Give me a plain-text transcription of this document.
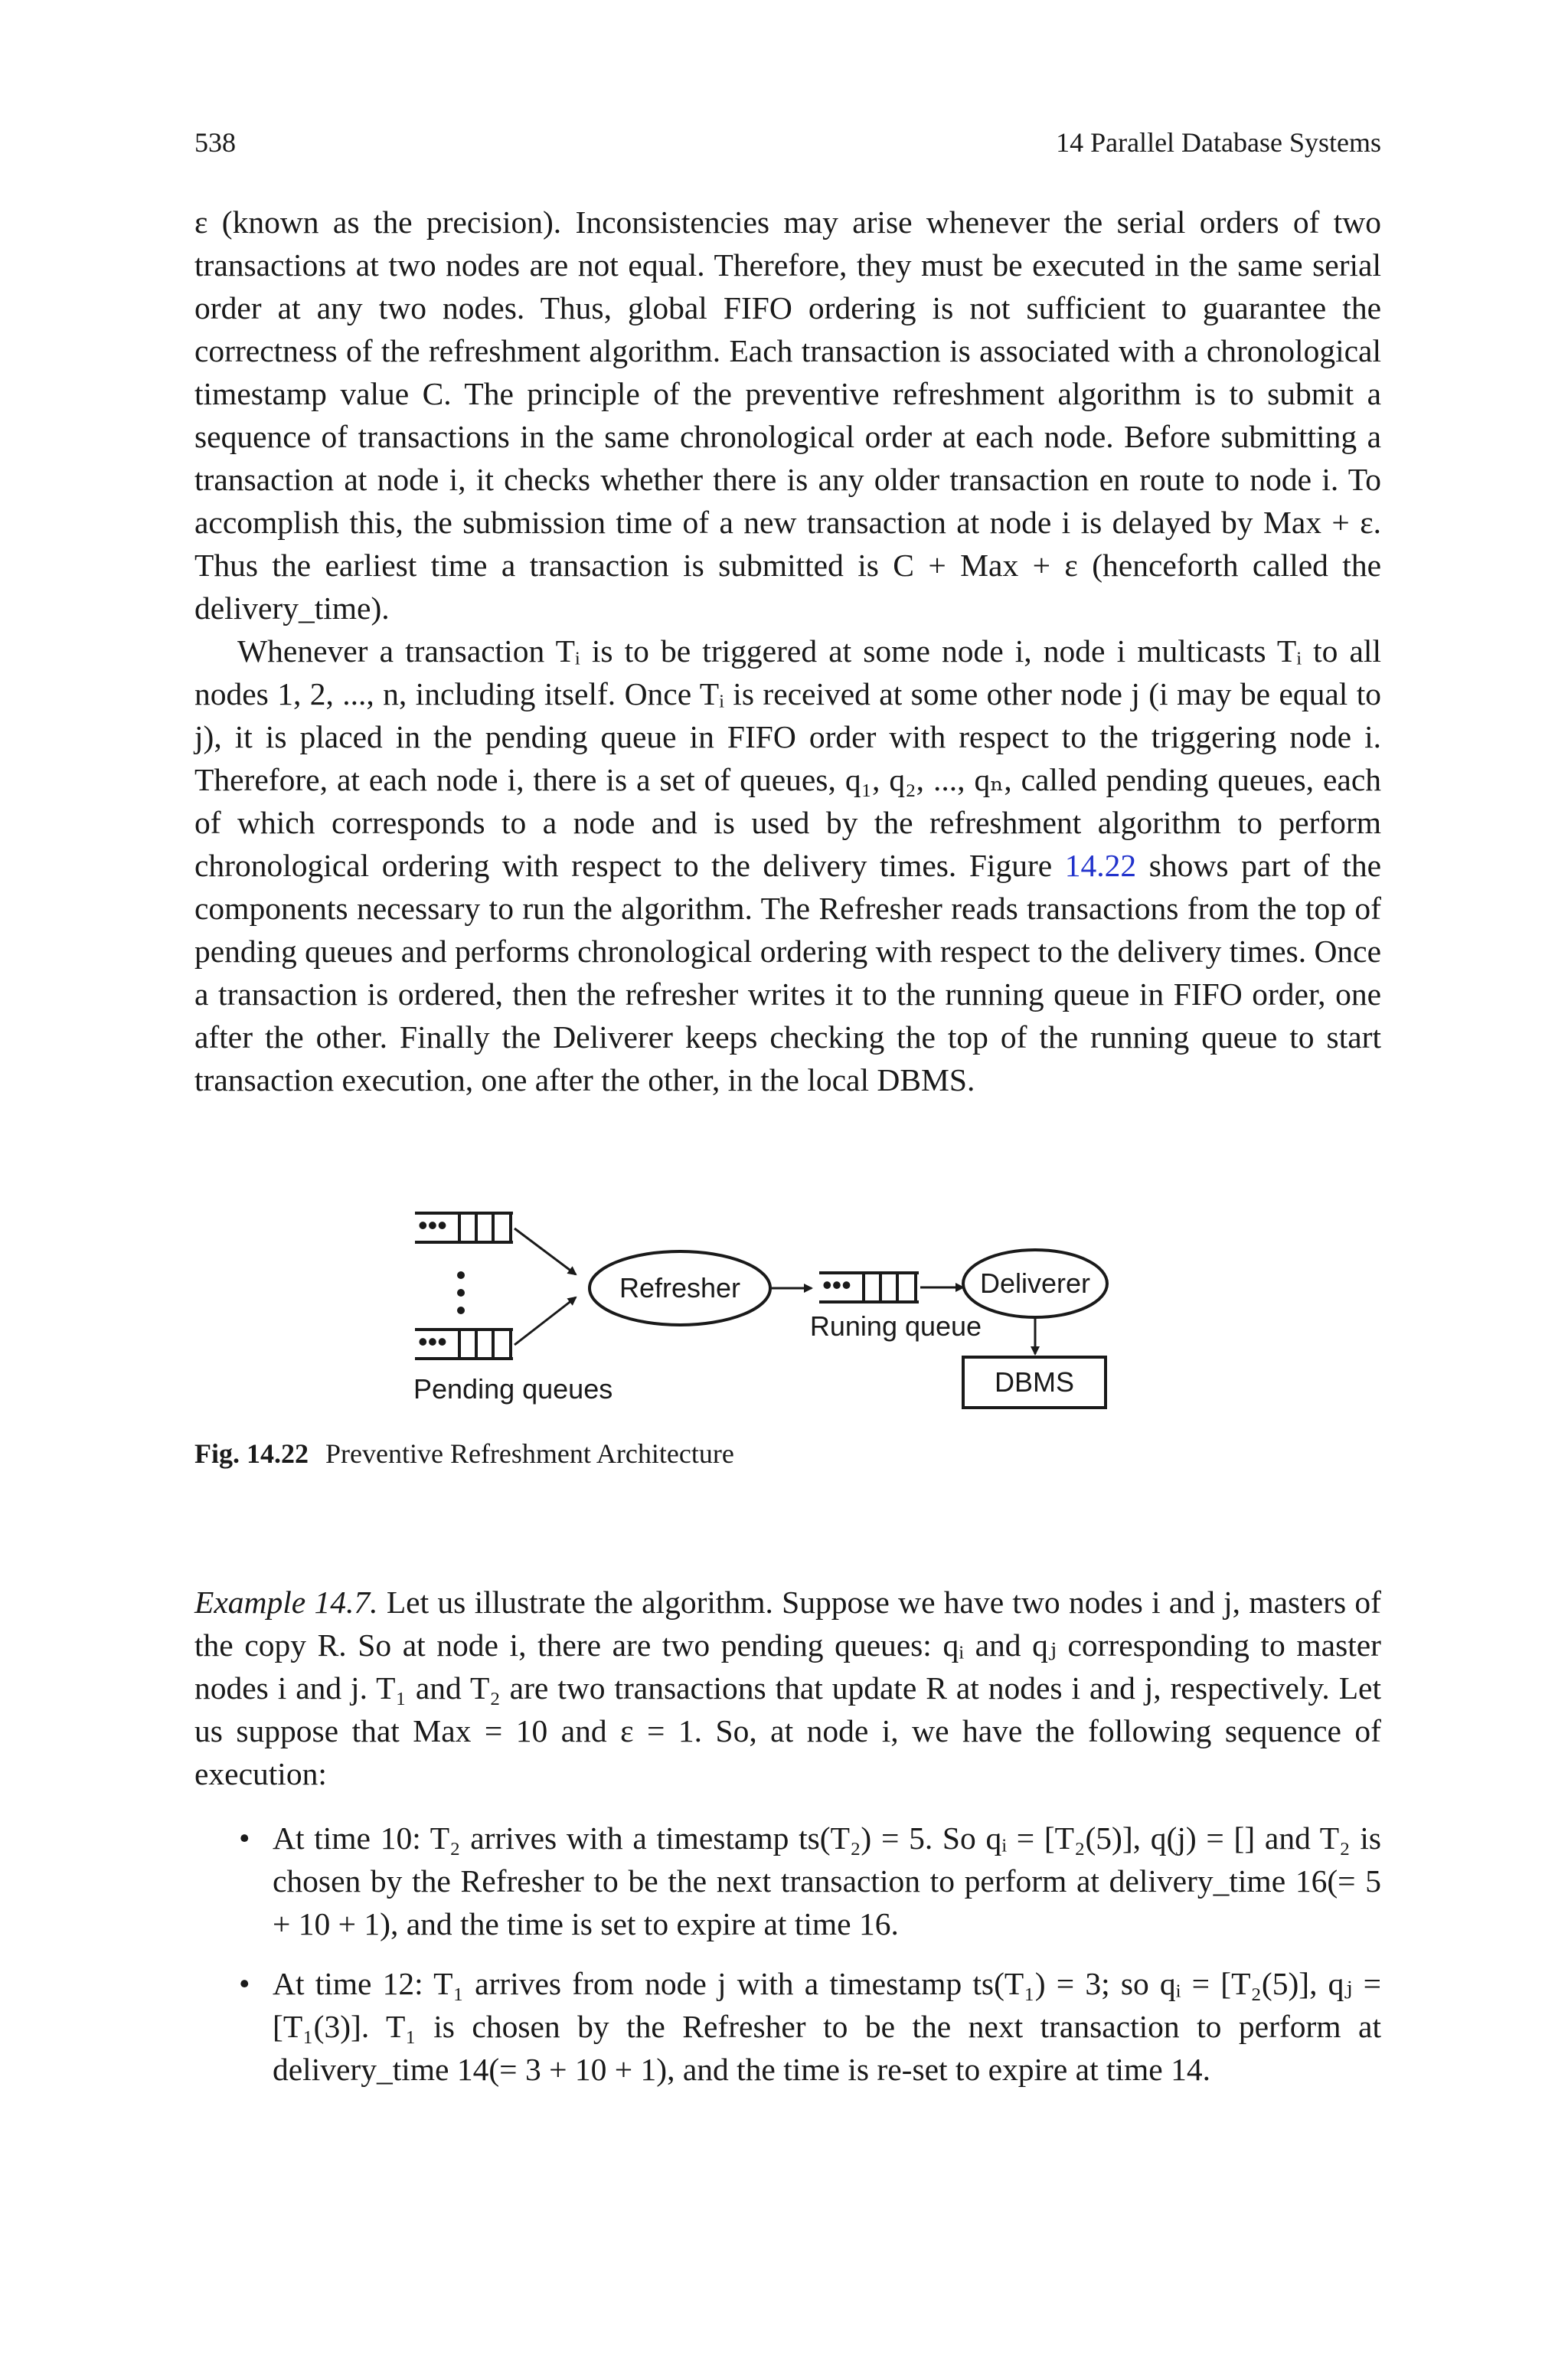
538	14 Parallel Database Systems

ε (known as the precision). Inconsistencies may arise whenever the serial orders of two transactions at two nodes are not equal. Therefore, they must be executed in the same serial order at any two nodes. Thus, global FIFO ordering is not sufficient to guarantee the correctness of the refreshment algorithm. Each transaction is associated with a chronological timestamp value C. The principle of the preventive refreshment algorithm is to submit a sequence of transactions in the same chronological order at each node. Before submitting a transaction at node i, it checks whether there is any older transaction en route to node i. To accomplish this, the submission time of a new transaction at node i is delayed by Max + ε. Thus the earliest time a transaction is submitted is C + Max + ε (henceforth called the delivery_time).

Whenever a transaction Tᵢ is to be triggered at some node i, node i multicasts Tᵢ to all nodes 1, 2, ..., n, including itself. Once Tᵢ is received at some other node j (i may be equal to j), it is placed in the pending queue in FIFO order with respect to the triggering node i. Therefore, at each node i, there is a set of queues, q₁, q₂, ..., qₙ, called pending queues, each of which corresponds to a node and is used by the refreshment algorithm to perform chronological ordering with respect to the delivery times. Figure 14.22 shows part of the components necessary to run the algorithm. The Refresher reads transactions from the top of pending queues and performs chronological ordering with respect to the delivery times. Once a transaction is ordered, then the refresher writes it to the running queue in FIFO order, one after the other. Finally the Deliverer keeps checking the top of the running queue to start transaction execution, one after the other, in the local DBMS.

•••
•••
Refresher	•••
Runing queue
Deliverer
DBMS
Pending queues
Fig. 14.22 Preventive Refreshment Architecture

Example 14.7. Let us illustrate the algorithm. Suppose we have two nodes i and j, masters of the copy R. So at node i, there are two pending queues: qᵢ and qⱼ corresponding to master nodes i and j. T₁ and T₂ are two transactions that update R at nodes i and j, respectively. Let us suppose that Max = 10 and ε = 1. So, at node i, we have the following sequence of execution:

• At time 10: T₂ arrives with a timestamp ts(T₂) = 5. So qᵢ = [T₂(5)], q(j) = [] and T₂ is chosen by the Refresher to be the next transaction to perform at delivery_time 16(= 5 + 10 + 1), and the time is set to expire at time 16.
• At time 12: T₁ arrives from node j with a timestamp ts(T₁) = 3; so qᵢ = [T₂(5)], qⱼ = [T₁(3)]. T₁ is chosen by the Refresher to be the next transaction to perform at delivery_time 14(= 3 + 10 + 1), and the time is re-set to expire at time 14.
